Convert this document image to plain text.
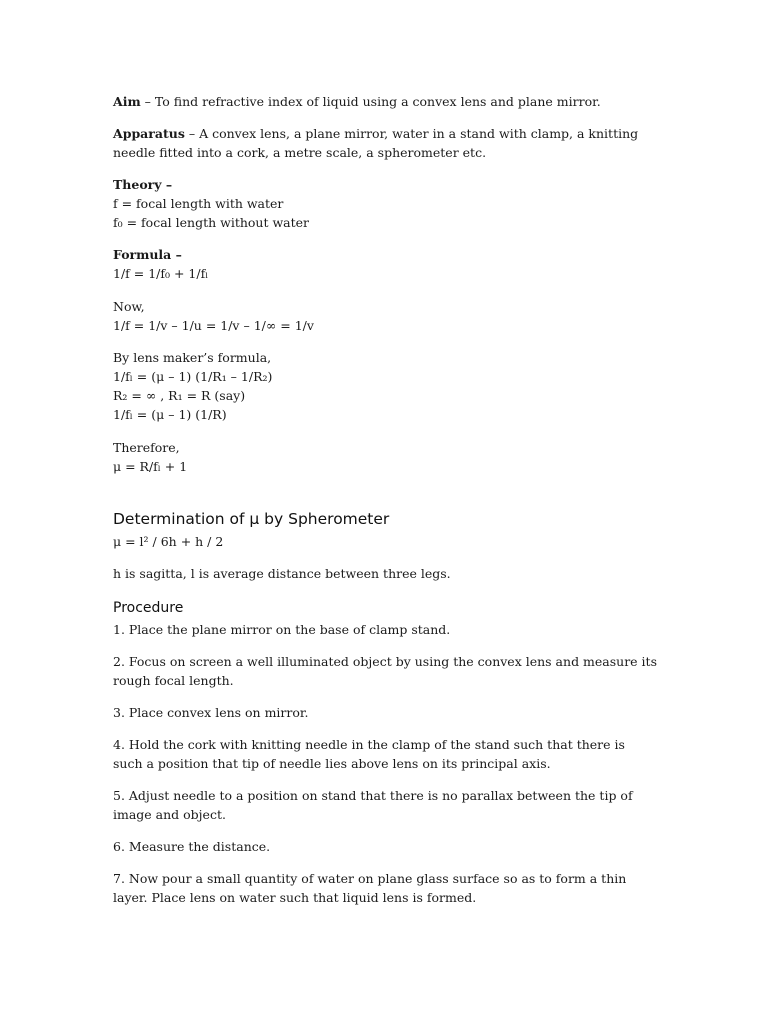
Aim – To find refractive index of liquid using a convex lens and plane mirror.

Apparatus – A convex lens, a plane mirror, water in a stand with clamp, a knitting needle fitted into a cork, a metre scale, a spherometer etc.

Theory –
f = focal length with water
f₀ = focal length without water
Formula –
1/f = 1/f₀ + 1/fₗ
Now,
1/f = 1/v – 1/u = 1/v – 1/∞ = 1/v
By lens maker’s formula,
1/fₗ = (μ – 1) (1/R₁ – 1/R₂)
R₂ = ∞ , R₁ = R (say)
1/fₗ = (μ – 1) (1/R)
Therefore,
μ = R/fₗ + 1
Determination of μ by Spherometer
μ = l² / 6h + h / 2
h is sagitta, l is average distance between three legs.
Procedure

1. Place the plane mirror on the base of clamp stand.

2. Focus on screen a well illuminated object by using the convex lens and measure its rough focal length.

3. Place convex lens on mirror.

4. Hold the cork with knitting needle in the clamp of the stand such that there is such a position that tip of needle lies above lens on its principal axis.

5. Adjust needle to a position on stand that there is no parallax between the tip of image and object.

6. Measure the distance.

7. Now pour a small quantity of water on plane glass surface so as to form a thin layer. Place lens on water such that liquid lens is formed.
